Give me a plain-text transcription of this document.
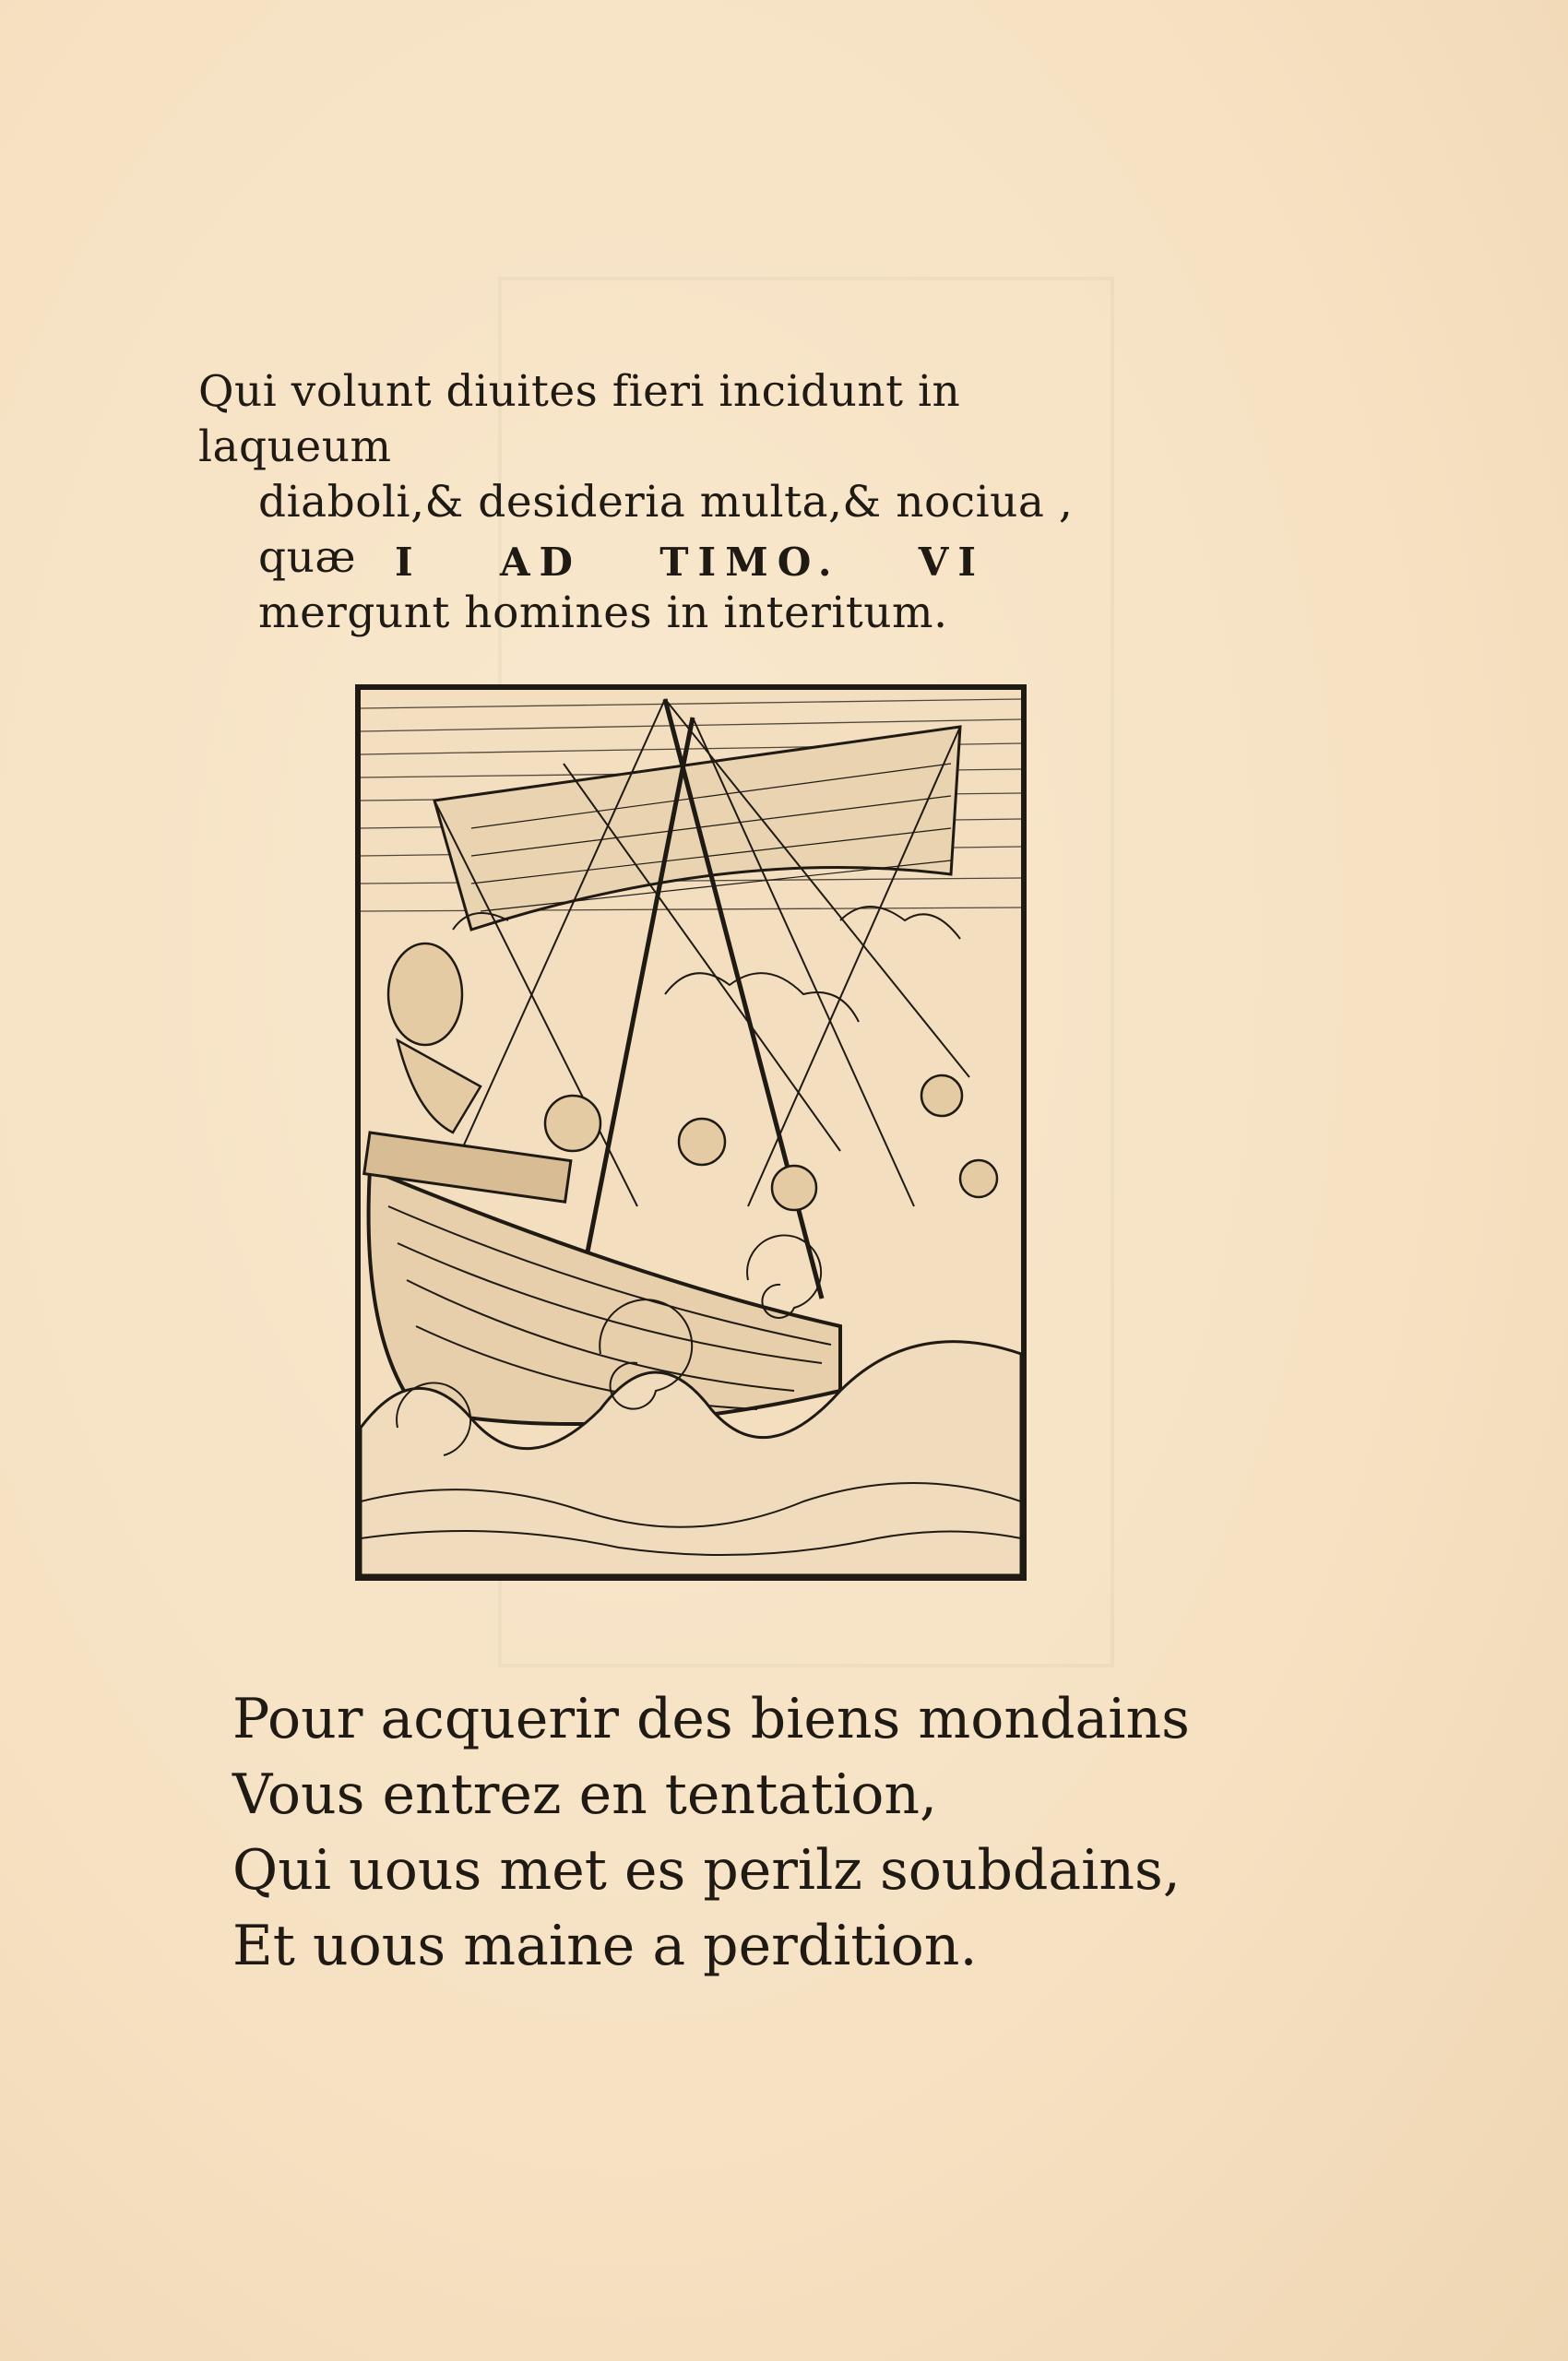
Qui volunt diuites fieri incidunt in laqueum
diaboli,& desideria multa,& nociua , quæ
mergunt homines in interitum.
I AD TIMO. VI
Pour acquerir des biens mondains
Vous entrez en tentation,
Qui uous met es perilz soubdains,
Et uous maine a perdition.
